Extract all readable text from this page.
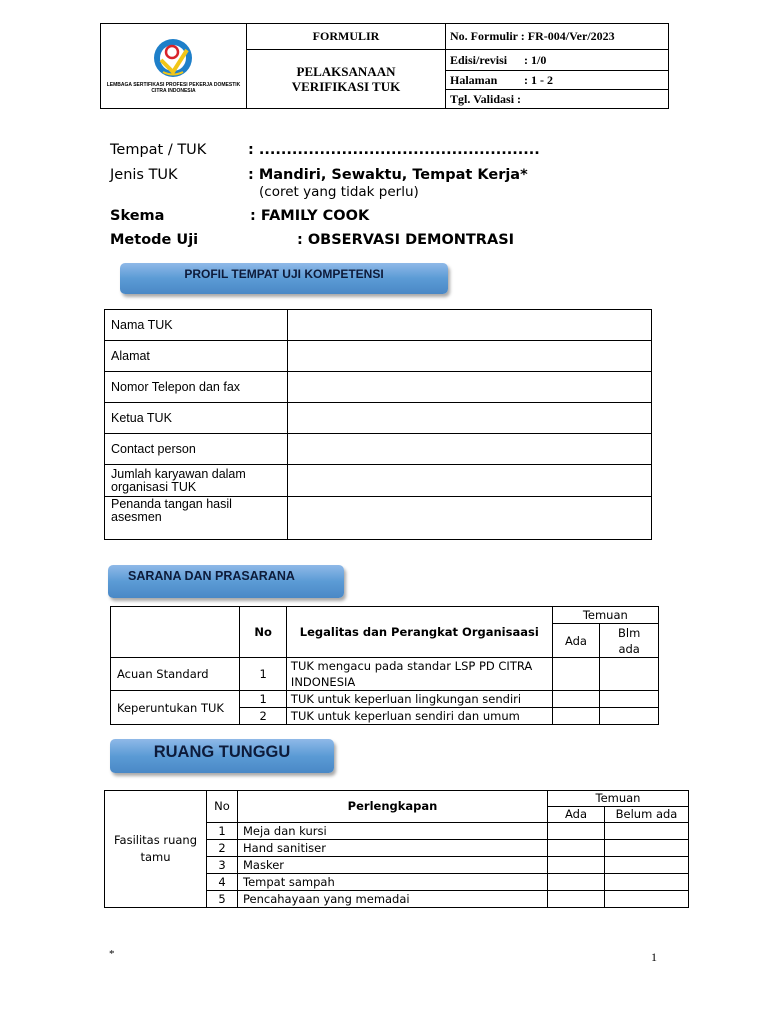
LEMBAGA SERTIFIKASI PROFESI PEKERJA DOMESTIK
CITRA INDONESIA	FORMULIR	No. Formulir : FR-004/Ver/2023

	PELAKSANAAN
VERIFIKASI TUK	Edisi/revisi : 1/0
		Halaman : 1 - 2
		Tgl. Validasi :
Tempat / TUK	: ...................................................
Jenis TUK	: Mandiri, Sewaktu, Tempat Kerja*
(coret yang tidak perlu)
Skema	: FAMILY COOK
Metode Uji	: OBSERVASI DEMONTRASI
PROFIL TEMPAT UJI KOMPETENSI
Nama TUK	
Alamat	
Nomor Telepon dan fax	
Ketua TUK	
Contact person	
Jumlah karyawan dalam organisasi TUK	
Penanda tangan hasil asesmen	
SARANA DAN PRASARANA
	No	Legalitas dan Perangkat Organisaasi	Temuan	
			Ada	Blm ada

Acuan Standard	1	TUK mengacu pada standar LSP PD CITRA INDONESIA		
Keperuntukan TUK	1	TUK untuk keperluan lingkungan sendiri		
	2	TUK untuk keperluan sendiri dan umum		
RUANG TUNGGU
Fasilitas ruang tamu	No	Perlengkapan	Temuan	
			Ada	Belum ada
	1	Meja dan kursi		
	2	Hand sanitiser		
	3	Masker		
	4	Tempat sampah		
	5	Pencahayaan yang memadai		
*	1
